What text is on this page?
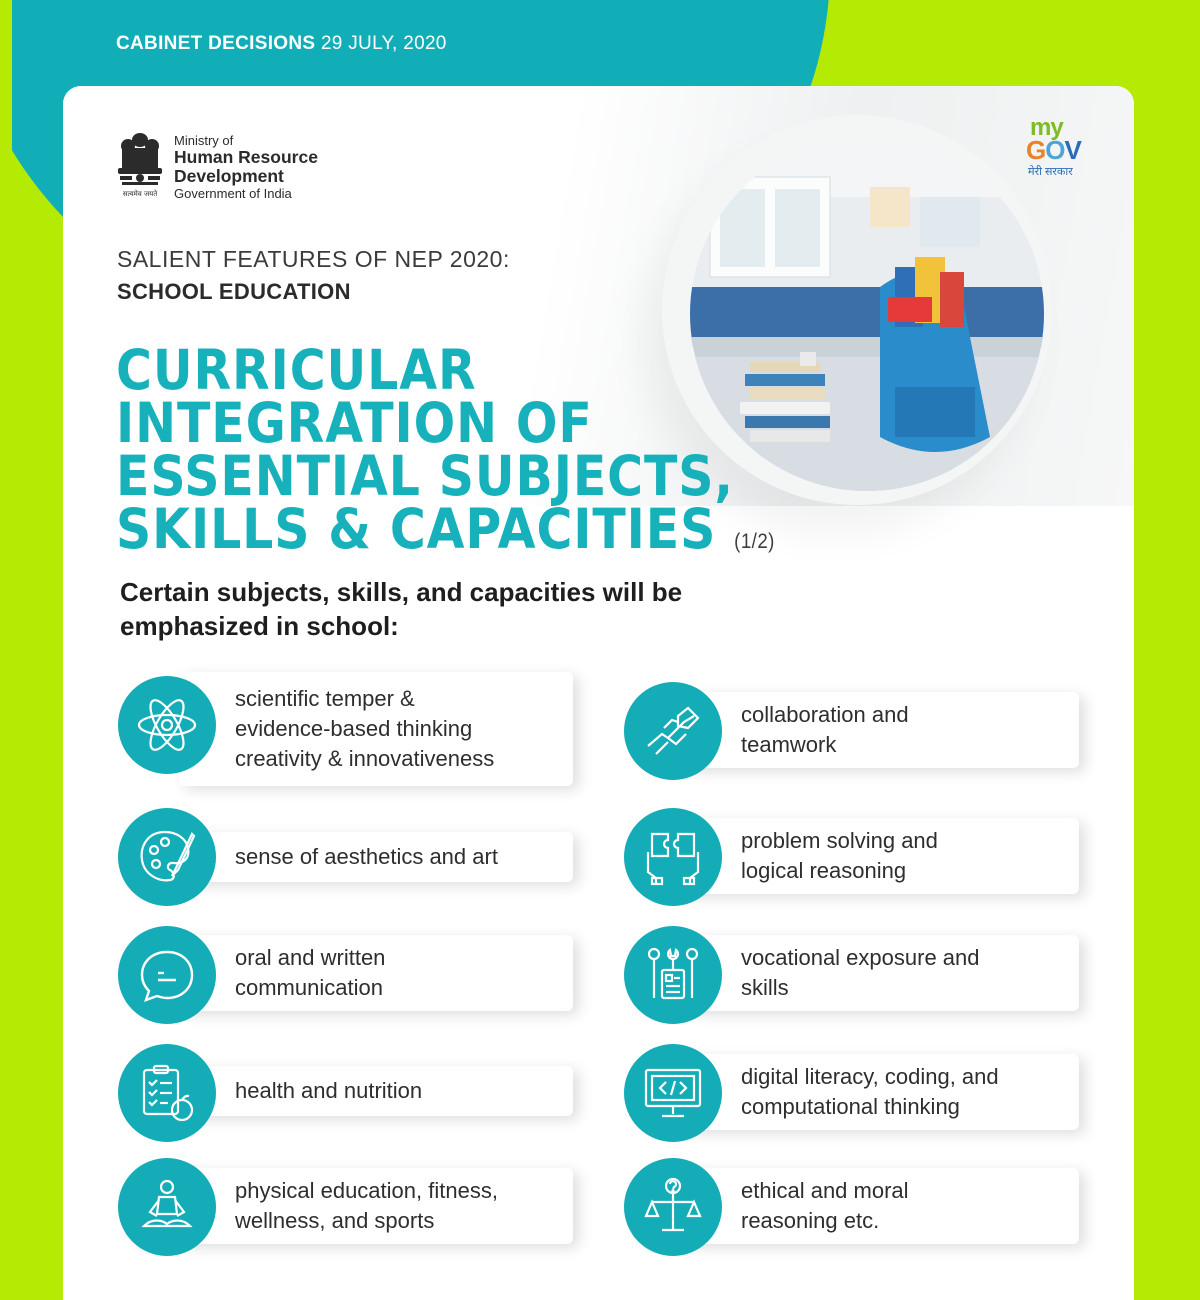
CABINET DECISIONS 29 JULY, 2020
सत्यमेव जयते
Ministry of
Human Resource
Development
Government of India
my
GOV
मेरी सरकार
SALIENT FEATURES OF NEP 2020:
SCHOOL EDUCATION
CURRICULAR
INTEGRATION OF
ESSENTIAL SUBJECTS,
SKILLS & CAPACITIES (1/2)

Certain subjects, skills, and capacities will be emphasized in school:

scientific temper &
evidence-based thinking
creativity & innovativeness
sense of aesthetics and art
oral and written
communication
health and nutrition
physical education, fitness,
wellness, and sports
collaboration and
teamwork
problem solving and
logical reasoning
vocational exposure and
skills
digital literacy, coding, and
computational thinking
ethical and moral
reasoning etc.
